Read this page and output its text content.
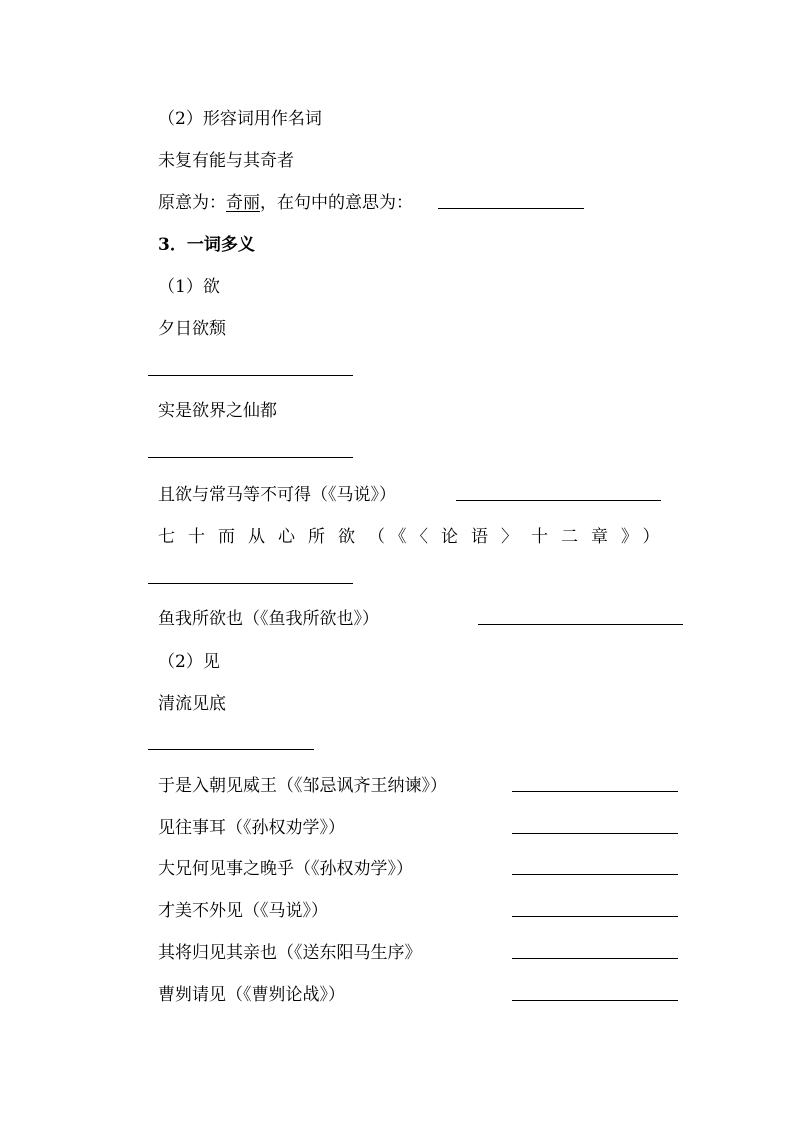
（2）形容词用作名词
未复有能与其奇者
原意为：奇丽，在句中的意思为：
3．一词多义
（1）欲
夕日欲颓
实是欲界之仙都
且欲与常马等不可得（《马说》）
七十而从心所欲（《〈论语〉十二章》）
鱼我所欲也（《鱼我所欲也》）
（2）见
清流见底
于是入朝见威王（《邹忌讽齐王纳谏》）
见往事耳（《孙权劝学》）
大兄何见事之晚乎（《孙权劝学》）
才美不外见（《马说》）
其将归见其亲也（《送东阳马生序》
曹刿请见（《曹刿论战》）
